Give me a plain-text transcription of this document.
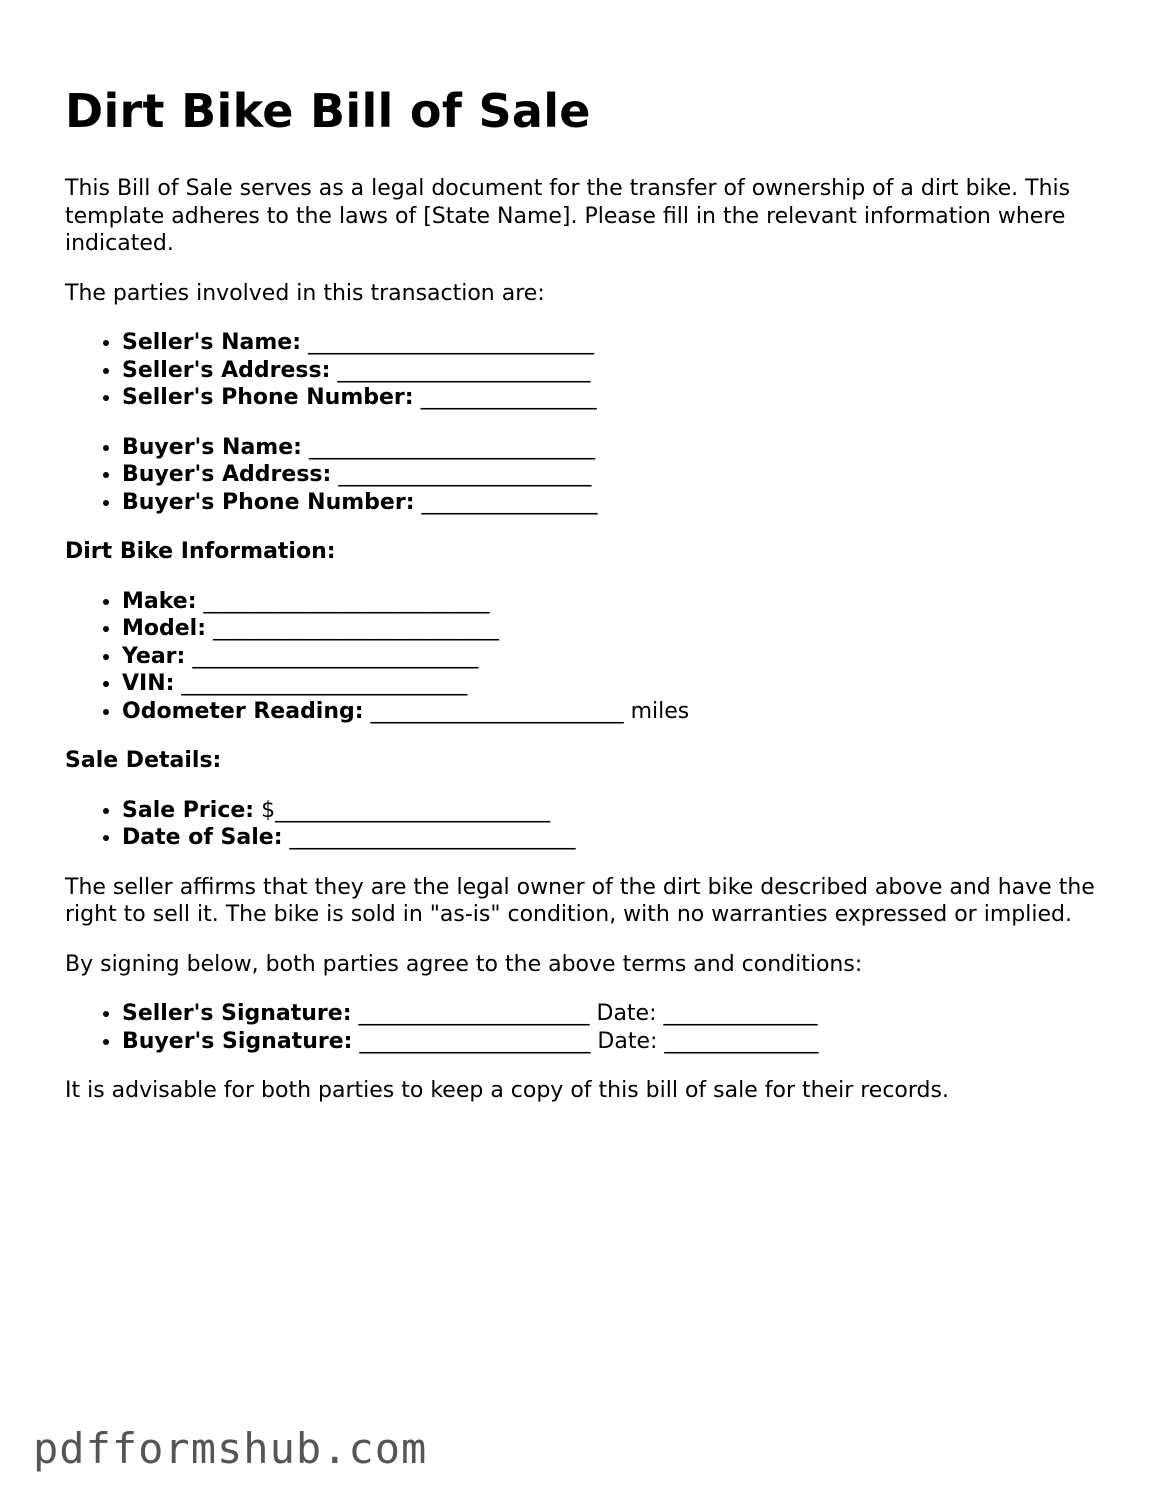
Dirt Bike Bill of Sale

This Bill of Sale serves as a legal document for the transfer of ownership of a dirt bike. This template adheres to the laws of [State Name]. Please fill in the relevant information where indicated.

The parties involved in this transaction are:

• Seller's Name: __________________________
• Seller's Address: _______________________
• Seller's Phone Number: ________________
• Buyer's Name: __________________________
• Buyer's Address: _______________________
• Buyer's Phone Number: ________________

Dirt Bike Information:

• Make: __________________________
• Model: __________________________
• Year: __________________________
• VIN: __________________________
• Odometer Reading: _______________________ miles

Sale Details:

• Sale Price: $_________________________
• Date of Sale: __________________________

The seller affirms that they are the legal owner of the dirt bike described above and have the right to sell it. The bike is sold in "as-is" condition, with no warranties expressed or implied.

By signing below, both parties agree to the above terms and conditions:

• Seller's Signature: _____________________ Date: ______________
• Buyer's Signature: _____________________ Date: ______________

It is advisable for both parties to keep a copy of this bill of sale for their records.

pdfformshub.com
